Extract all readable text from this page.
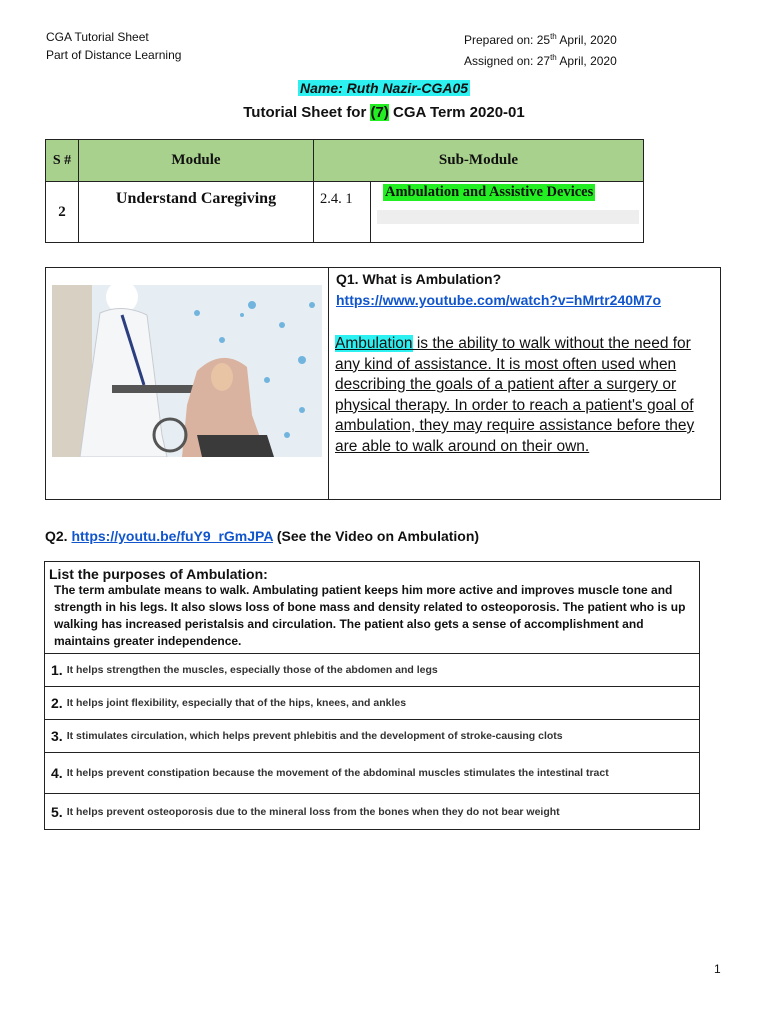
CGA Tutorial Sheet
Part of Distance Learning
Prepared on: 25th April, 2020
Assigned on: 27th April, 2020
Name: Ruth Nazir-CGA05
Tutorial Sheet for (7) CGA Term 2020-01
S #	Module	Sub-Module	
2	Understand Caregiving	2.4. 1	Ambulation and Assistive Devices
Q1. What is Ambulation?
https://www.youtube.com/watch?v=hMrtr240M7o
Ambulation is the ability to walk without the need for any kind of assistance. It is most often used when describing the goals of a patient after a surgery or physical therapy. In order to reach a patient's goal of ambulation, they may require assistance before they are able to walk around on their own.
Q2. https://youtu.be/fuY9_rGmJPA (See the Video on Ambulation)
List the purposes of Ambulation:
The term ambulate means to walk. Ambulating patient keeps him more active and improves muscle tone and strength in his legs. It also slows loss of bone mass and density related to osteoporosis. The patient who is up walking has increased peristalsis and circulation. The patient also gets a sense of accomplishment and maintains greater independence.
1. It helps strengthen the muscles, especially those of the abdomen and legs
2. It helps joint flexibility, especially that of the hips, knees, and ankles
3. It stimulates circulation, which helps prevent phlebitis and the development of stroke-causing clots
4. It helps prevent constipation because the movement of the abdominal muscles stimulates the intestinal tract
5. It helps prevent osteoporosis due to the mineral loss from the bones when they do not bear weight
1
